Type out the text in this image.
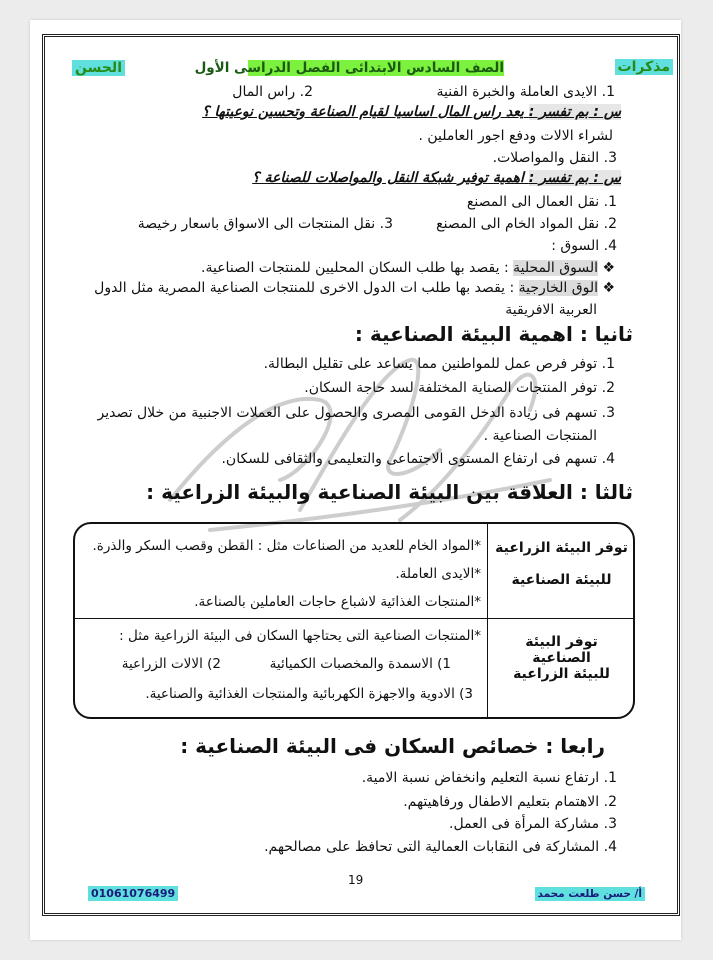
مذكرات
الصف السادس الابتدائى الفصل الدراسى الأول
الحسن
1. الايدى العاملة والخبرة الفنية
2. راس المال
س : بم تفسر : يعد راس المال اساسيا لقيام الصناعة وتحسين نوعيتها ؟
لشراء الالات ودفع اجور العاملين .
3. النقل والمواصلات.
س : بم تفسر : اهمية توفير شبكة النقل والمواصلات للصناعة ؟
1. نقل العمال الى المصنع
2. نقل المواد الخام الى المصنع
3. نقل المنتجات الى الاسواق باسعار رخيصة
4. السوق :
❖ السوق المحلية : يقصد بها طلب السكان المحليين للمنتجات الصناعية.
❖ الوق الخارجية : يقصد بها طلب ات الدول الاخرى للمنتجات الصناعية المصرية مثل الدول
العربية الافريقية
ثانيا : اهمية البيئة الصناعية :
1. توفر فرص عمل للمواطنين مما يساعد على تقليل البطالة.
2. توفر المنتجات الصناية المختلفة لسد حاجة السكان.
3. تسهم فى زيادة الدخل القومى المصرى والحصول على العملات الاجنبية من خلال تصدير
المنتجات الصناعية .
4. تسهم فى ارتفاع المستوى الاجتماعى والتعليمى والثقافى للسكان.
ثالثا : العلاقة بين البيئة الصناعية والبيئة الزراعية :
توفر البيئة الزراعية
للبيئة الصناعية
*المواد الخام للعديد من الصناعات مثل : القطن وقصب السكر والذرة.
*الايدى العاملة.
*المنتجات الغذائية لاشباع حاجات العاملين بالصناعة.
توفر البيئة الصناعية
للبيئة الزراعية
*المنتجات الصناعية التى يحتاجها السكان فى البيئة الزراعية مثل :
1) الاسمدة والمخصبات الكميائية
2) الالات الزراعية
3) الادوية والاجهزة الكهربائية والمنتجات الغذائية والصناعية.
رابعا : خصائص السكان فى البيئة الصناعية :
1. ارتفاع نسبة التعليم وانخفاض نسبة الامية.
2. الاهتمام بتعليم الاطفال ورفاهيتهم.
3. مشاركة المرأة فى العمل.
4. المشاركة فى النقابات العمالية التى تحافظ على مصالحهم.
19
01061076499	أ/ حسن طلعت محمد
